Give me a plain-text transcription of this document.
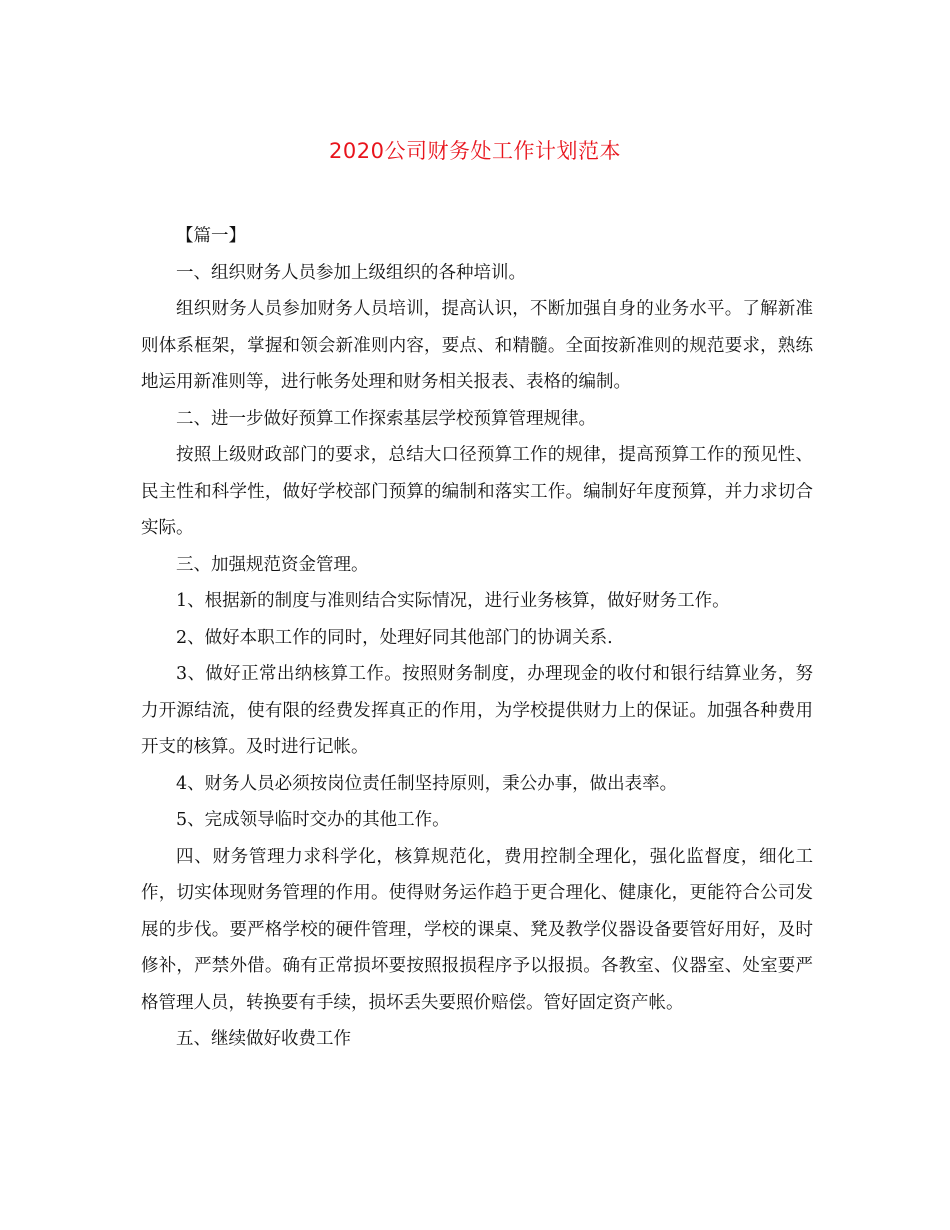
2020公司财务处工作计划范本

【篇一】

一、组织财务人员参加上级组织的各种培训。

组织财务人员参加财务人员培训，提高认识，不断加强自身的业务水平。了解新准则体系框架，掌握和领会新准则内容，要点、和精髓。全面按新准则的规范要求，熟练地运用新准则等，进行帐务处理和财务相关报表、表格的编制。

二、进一步做好预算工作探索基层学校预算管理规律。

按照上级财政部门的要求，总结大口径预算工作的规律，提高预算工作的预见性、民主性和科学性，做好学校部门预算的编制和落实工作。编制好年度预算，并力求切合实际。

三、加强规范资金管理。

1、根据新的制度与准则结合实际情况，进行业务核算，做好财务工作。

2、做好本职工作的同时，处理好同其他部门的协调关系.

3、做好正常出纳核算工作。按照财务制度，办理现金的收付和银行结算业务，努力开源结流，使有限的经费发挥真正的作用，为学校提供财力上的保证。加强各种费用开支的核算。及时进行记帐。

4、财务人员必须按岗位责任制坚持原则，秉公办事，做出表率。

5、完成领导临时交办的其他工作。

四、财务管理力求科学化，核算规范化，费用控制全理化，强化监督度，细化工作，切实体现财务管理的作用。使得财务运作趋于更合理化、健康化，更能符合公司发展的步伐。要严格学校的硬件管理，学校的课桌、凳及教学仪器设备要管好用好，及时修补，严禁外借。确有正常损坏要按照报损程序予以报损。各教室、仪器室、处室要严格管理人员，转换要有手续，损坏丢失要照价赔偿。管好固定资产帐。

五、继续做好收费工作
